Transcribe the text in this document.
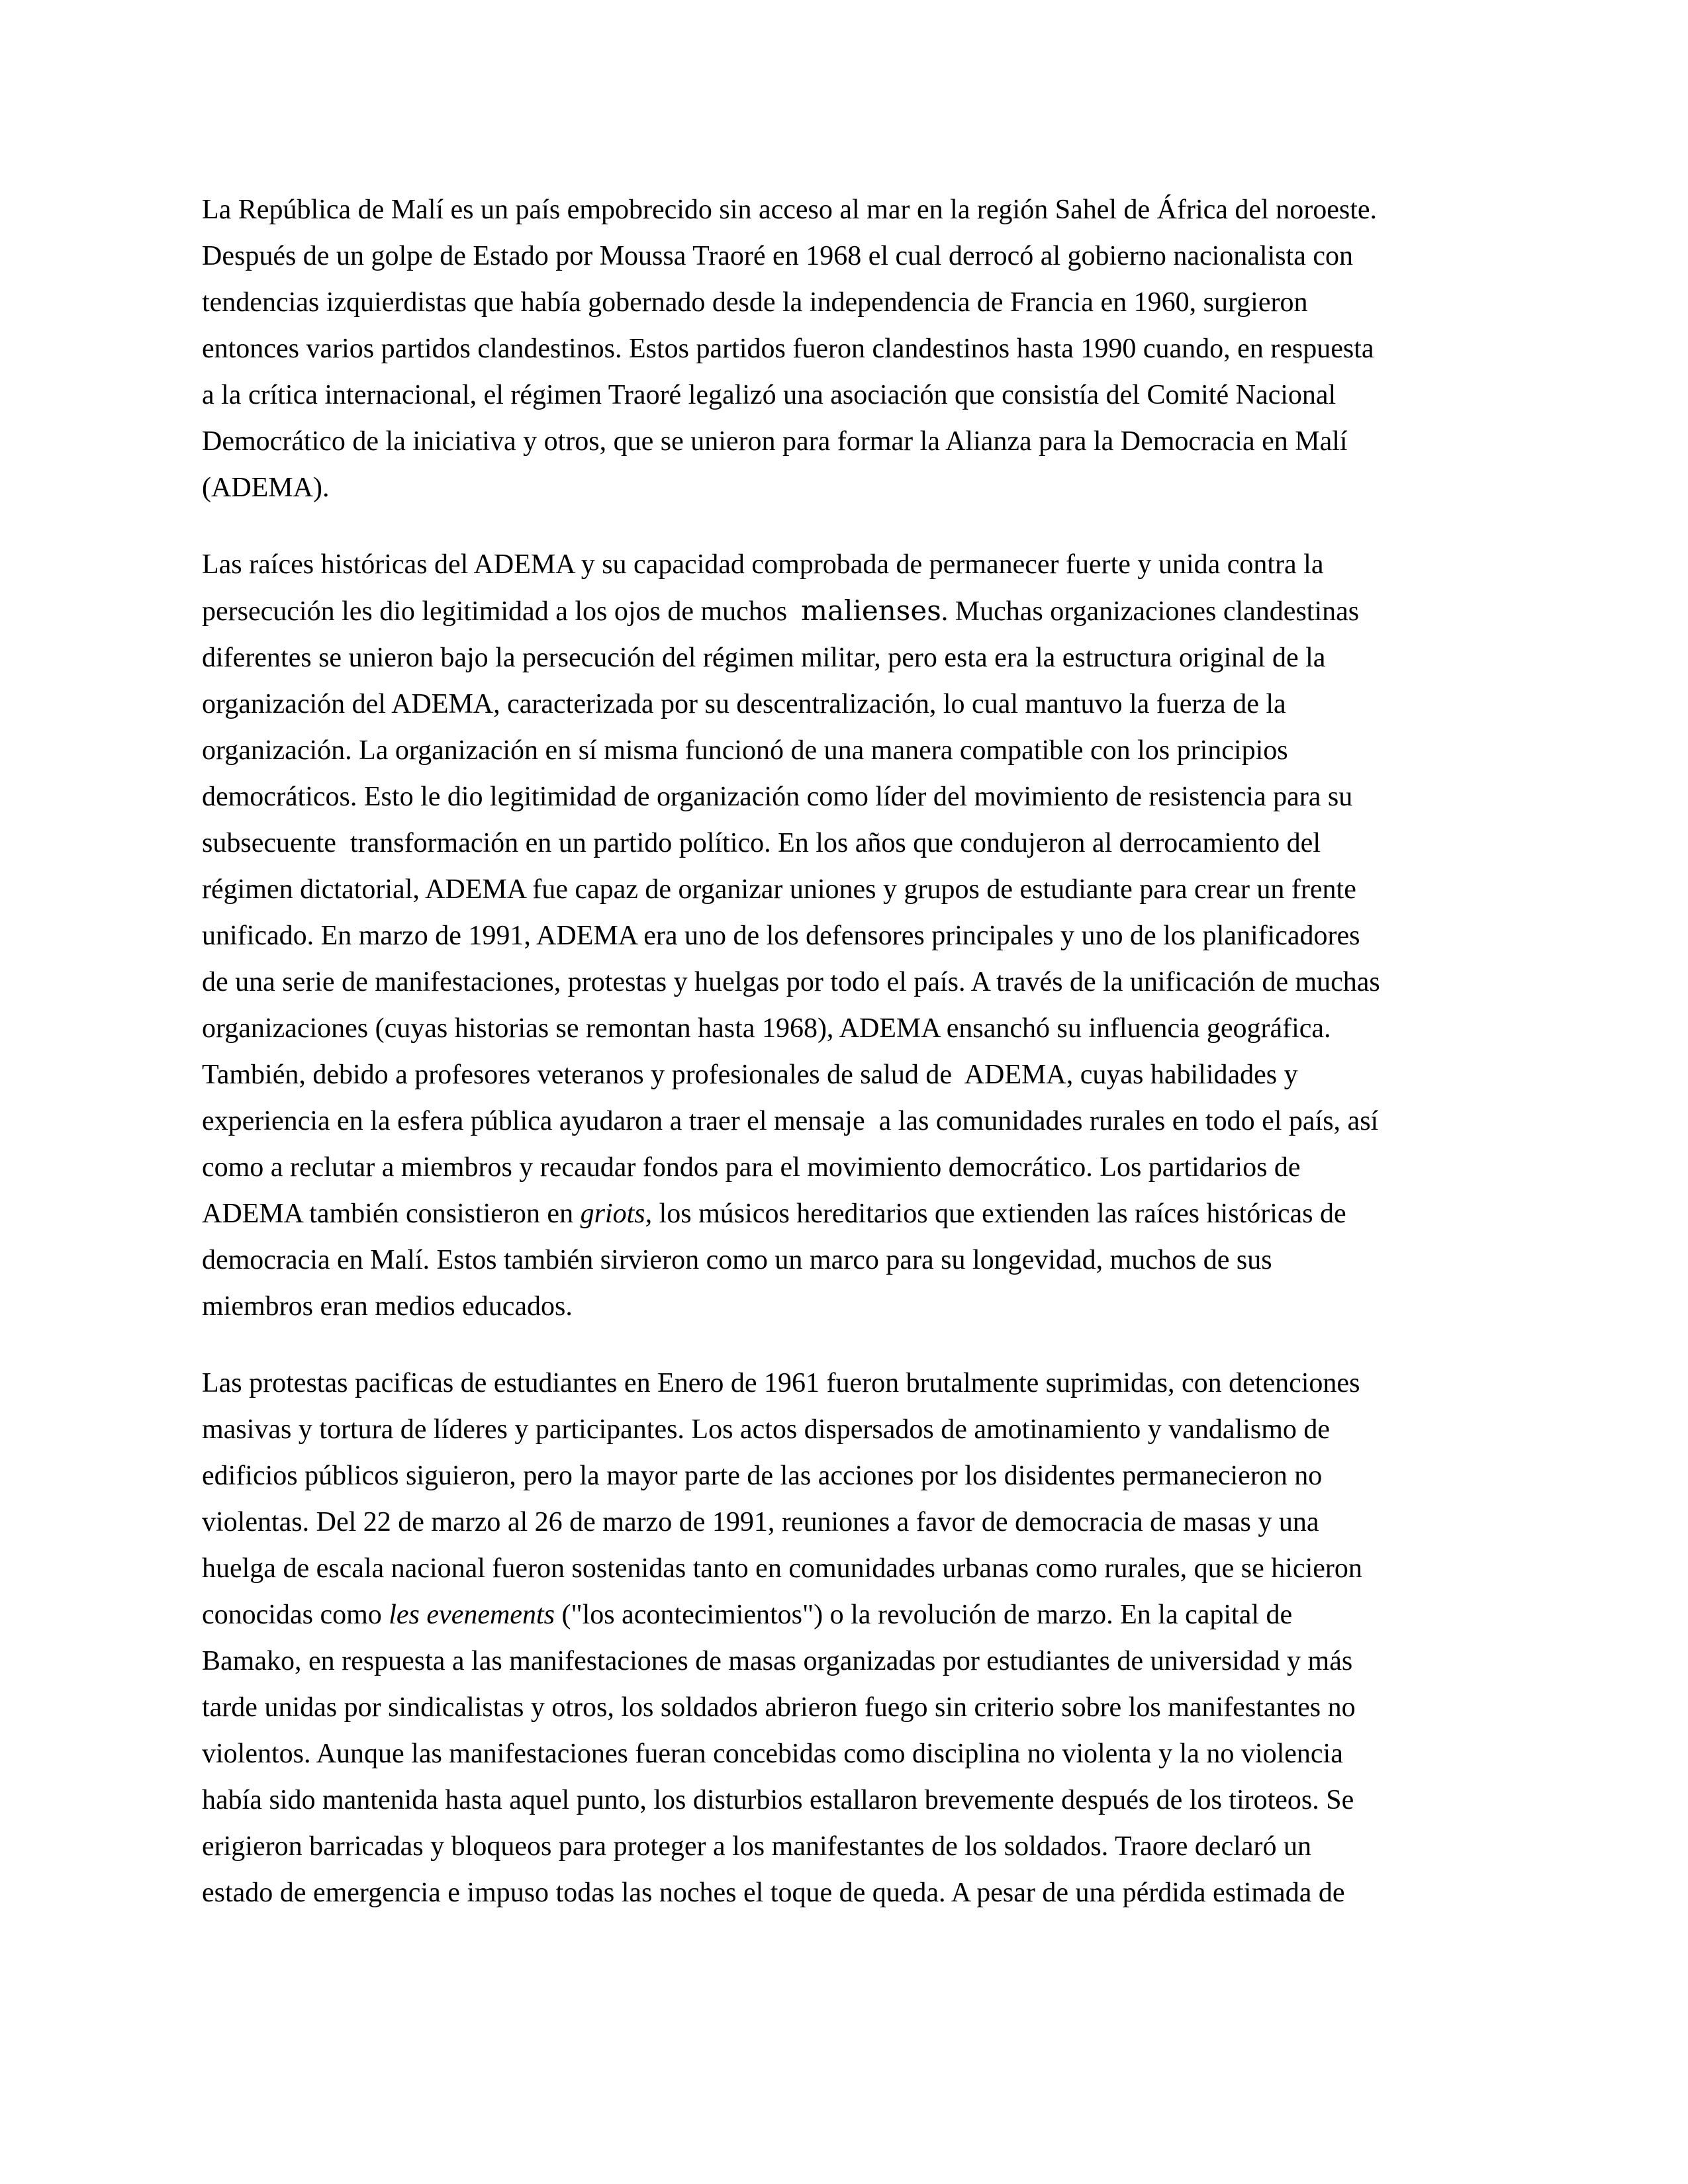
La República de Malí es un país empobrecido sin acceso al mar en la región Sahel de África del noroeste.
Después de un golpe de Estado por Moussa Traoré en 1968 el cual derrocó al gobierno nacionalista con
tendencias izquierdistas que había gobernado desde la independencia de Francia en 1960, surgieron
entonces varios partidos clandestinos. Estos partidos fueron clandestinos hasta 1990 cuando, en respuesta
a la crítica internacional, el régimen Traoré legalizó una asociación que consistía del Comité Nacional
Democrático de la iniciativa y otros, que se unieron para formar la Alianza para la Democracia en Malí
(ADEMA).
Las raíces históricas del ADEMA y su capacidad comprobada de permanecer fuerte y unida contra la
persecución les dio legitimidad a los ojos de muchos  malienses. Muchas organizaciones clandestinas
diferentes se unieron bajo la persecución del régimen militar, pero esta era la estructura original de la
organización del ADEMA, caracterizada por su descentralización, lo cual mantuvo la fuerza de la
organización. La organización en sí misma funcionó de una manera compatible con los principios
democráticos. Esto le dio legitimidad de organización como líder del movimiento de resistencia para su
subsecuente  transformación en un partido político. En los años que condujeron al derrocamiento del
régimen dictatorial, ADEMA fue capaz de organizar uniones y grupos de estudiante para crear un frente
unificado. En marzo de 1991, ADEMA era uno de los defensores principales y uno de los planificadores
de una serie de manifestaciones, protestas y huelgas por todo el país. A través de la unificación de muchas
organizaciones (cuyas historias se remontan hasta 1968), ADEMA ensanchó su influencia geográfica.
También, debido a profesores veteranos y profesionales de salud de  ADEMA, cuyas habilidades y
experiencia en la esfera pública ayudaron a traer el mensaje  a las comunidades rurales en todo el país, así
como a reclutar a miembros y recaudar fondos para el movimiento democrático. Los partidarios de
ADEMA también consistieron en griots, los músicos hereditarios que extienden las raíces históricas de
democracia en Malí. Estos también sirvieron como un marco para su longevidad, muchos de sus
miembros eran medios educados.
Las protestas pacificas de estudiantes en Enero de 1961 fueron brutalmente suprimidas, con detenciones
masivas y tortura de líderes y participantes. Los actos dispersados de amotinamiento y vandalismo de
edificios públicos siguieron, pero la mayor parte de las acciones por los disidentes permanecieron no
violentas. Del 22 de marzo al 26 de marzo de 1991, reuniones a favor de democracia de masas y una
huelga de escala nacional fueron sostenidas tanto en comunidades urbanas como rurales, que se hicieron
conocidas como les evenements ("los acontecimientos") o la revolución de marzo. En la capital de
Bamako, en respuesta a las manifestaciones de masas organizadas por estudiantes de universidad y más
tarde unidas por sindicalistas y otros, los soldados abrieron fuego sin criterio sobre los manifestantes no
violentos. Aunque las manifestaciones fueran concebidas como disciplina no violenta y la no violencia
había sido mantenida hasta aquel punto, los disturbios estallaron brevemente después de los tiroteos. Se
erigieron barricadas y bloqueos para proteger a los manifestantes de los soldados. Traore declaró un
estado de emergencia e impuso todas las noches el toque de queda. A pesar de una pérdida estimada de
